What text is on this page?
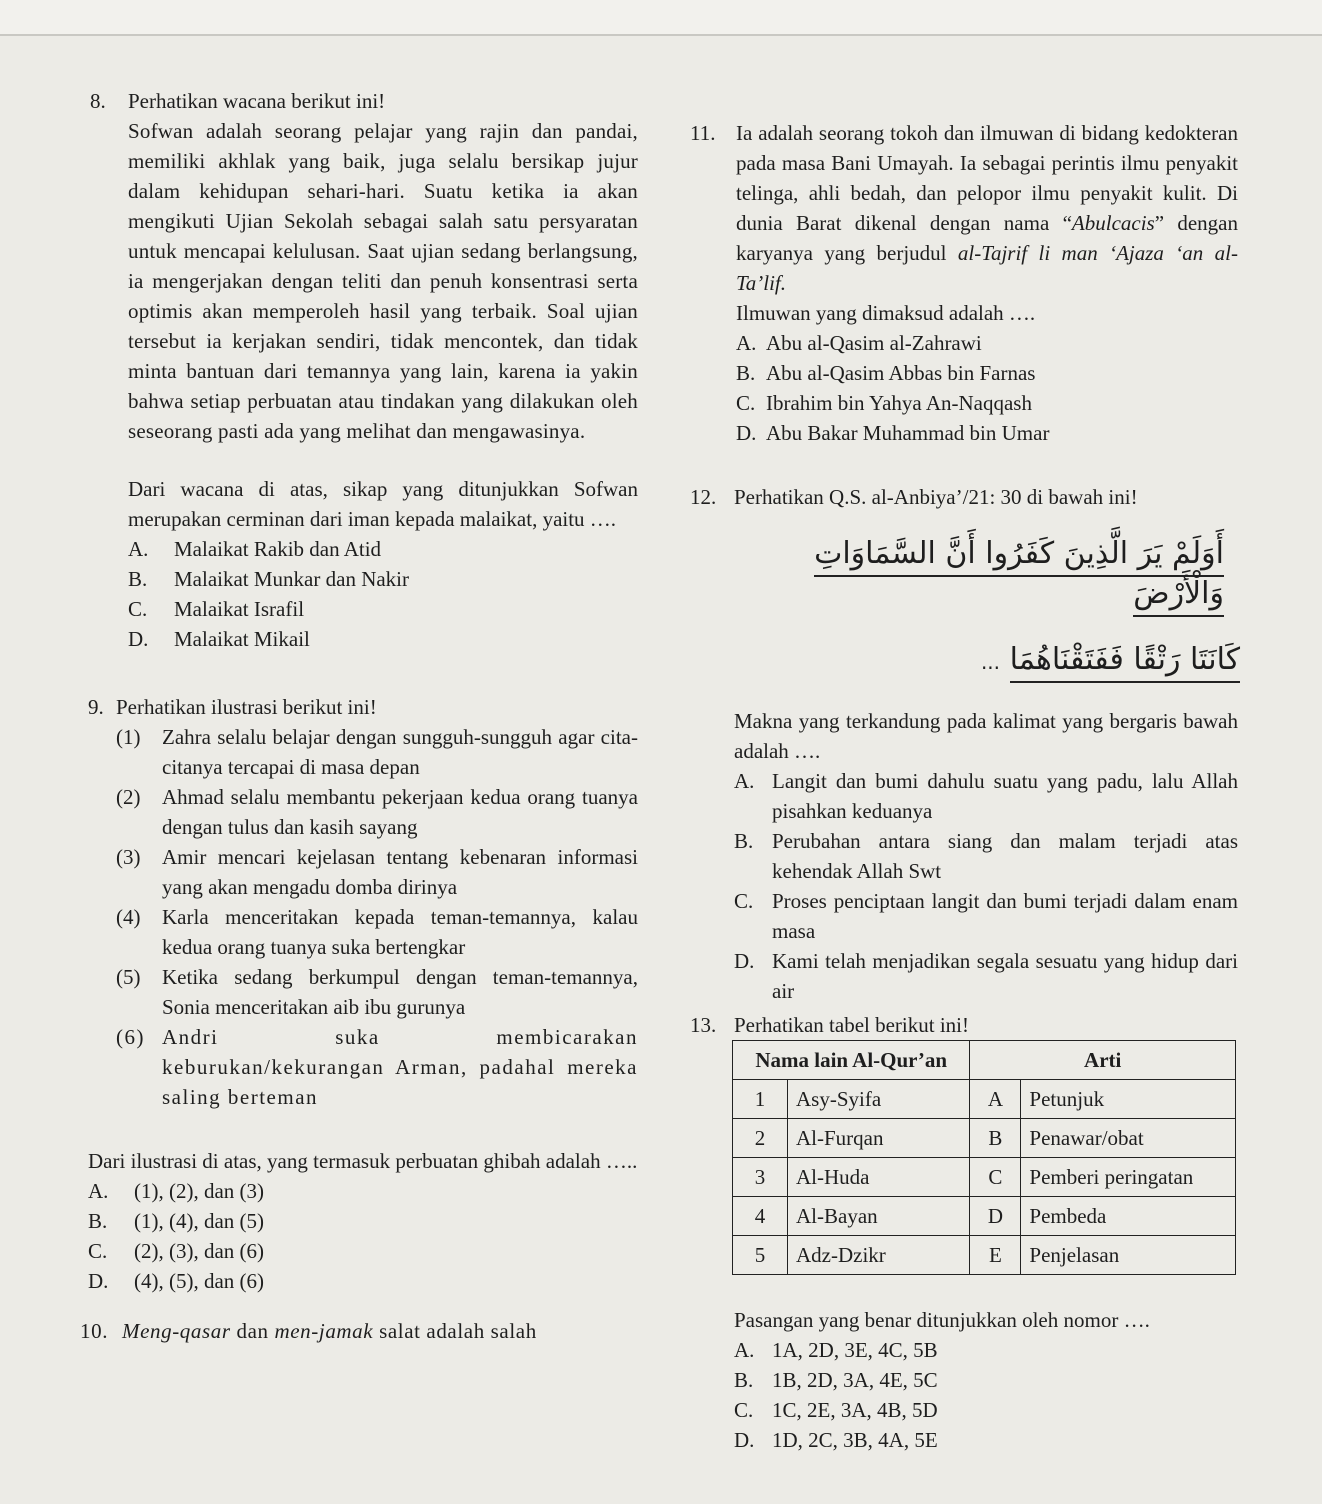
8. Perhatikan wacana berikut ini!
Sofwan adalah seorang pelajar yang rajin dan pandai, memiliki akhlak yang baik, juga selalu bersikap jujur dalam kehidupan sehari-hari. Suatu ketika ia akan mengikuti Ujian Sekolah sebagai salah satu persyaratan untuk mencapai kelulusan. Saat ujian sedang berlangsung, ia mengerjakan dengan teliti dan penuh konsentrasi serta optimis akan memperoleh hasil yang terbaik. Soal ujian tersebut ia kerjakan sendiri, tidak mencontek, dan tidak minta bantuan dari temannya yang lain, karena ia yakin bahwa setiap perbuatan atau tindakan yang dilakukan oleh seseorang pasti ada yang melihat dan mengawasinya.
Dari wacana di atas, sikap yang ditunjukkan Sofwan merupakan cerminan dari iman kepada malaikat, yaitu ….
A. Malaikat Rakib dan Atid
B. Malaikat Munkar dan Nakir
C. Malaikat Israfil
D. Malaikat Mikail
9. Perhatikan ilustrasi berikut ini!
(1) Zahra selalu belajar dengan sungguh-sungguh agar cita-citanya tercapai di masa depan
(2) Ahmad selalu membantu pekerjaan kedua orang tuanya dengan tulus dan kasih sayang
(3) Amir mencari kejelasan tentang kebenaran informasi yang akan mengadu domba dirinya
(4) Karla menceritakan kepada teman-temannya, kalau kedua orang tuanya suka bertengkar
(5) Ketika sedang berkumpul dengan teman-temannya, Sonia menceritakan aib ibu gurunya
(6) Andri suka membicarakan keburukan/kekurangan Arman, padahal mereka saling berteman
Dari ilustrasi di atas, yang termasuk perbuatan ghibah adalah …..
A. (1), (2), dan (3)
B. (1), (4), dan (5)
C. (2), (3), dan (6)
D. (4), (5), dan (6)
10. Meng-qasar dan men-jamak salat adalah salah
11. Ia adalah seorang tokoh dan ilmuwan di bidang kedokteran pada masa Bani Umayah. Ia sebagai perintis ilmu penyakit telinga, ahli bedah, dan pelopor ilmu penyakit kulit. Di dunia Barat dikenal dengan nama “Abulcacis” dengan karyanya yang berjudul al-Tajrif li man ‘Ajaza ‘an al-Ta’lif.
Ilmuwan yang dimaksud adalah ….
A. Abu al-Qasim al-Zahrawi
B. Abu al-Qasim Abbas bin Farnas
C. Ibrahim bin Yahya An-Naqqash
D. Abu Bakar Muhammad bin Umar
12. Perhatikan Q.S. al-Anbiya’/21: 30 di bawah ini!
أَوَلَمْ يَرَ الَّذِينَ كَفَرُوا أَنَّ السَّمَاوَاتِ وَالْأَرْضَ
كَانَتَا رَتْقًا فَفَتَقْنَاهُمَا ...
Makna yang terkandung pada kalimat yang bergaris bawah adalah ….
A. Langit dan bumi dahulu suatu yang padu, lalu Allah pisahkan keduanya
B. Perubahan antara siang dan malam terjadi atas kehendak Allah Swt
C. Proses penciptaan langit dan bumi terjadi dalam enam masa
D. Kami telah menjadikan segala sesuatu yang hidup dari air
13. Perhatikan tabel berikut ini!
Nama lain Al-Qur’an		Arti	
1	Asy-Syifa	A	Petunjuk
2	Al-Furqan	B	Penawar/obat
3	Al-Huda	C	Pemberi peringatan
4	Al-Bayan	D	Pembeda
5	Adz-Dzikr	E	Penjelasan
Pasangan yang benar ditunjukkan oleh nomor ….
A. 1A, 2D, 3E, 4C, 5B
B. 1B, 2D, 3A, 4E, 5C
C. 1C, 2E, 3A, 4B, 5D
D. 1D, 2C, 3B, 4A, 5E
